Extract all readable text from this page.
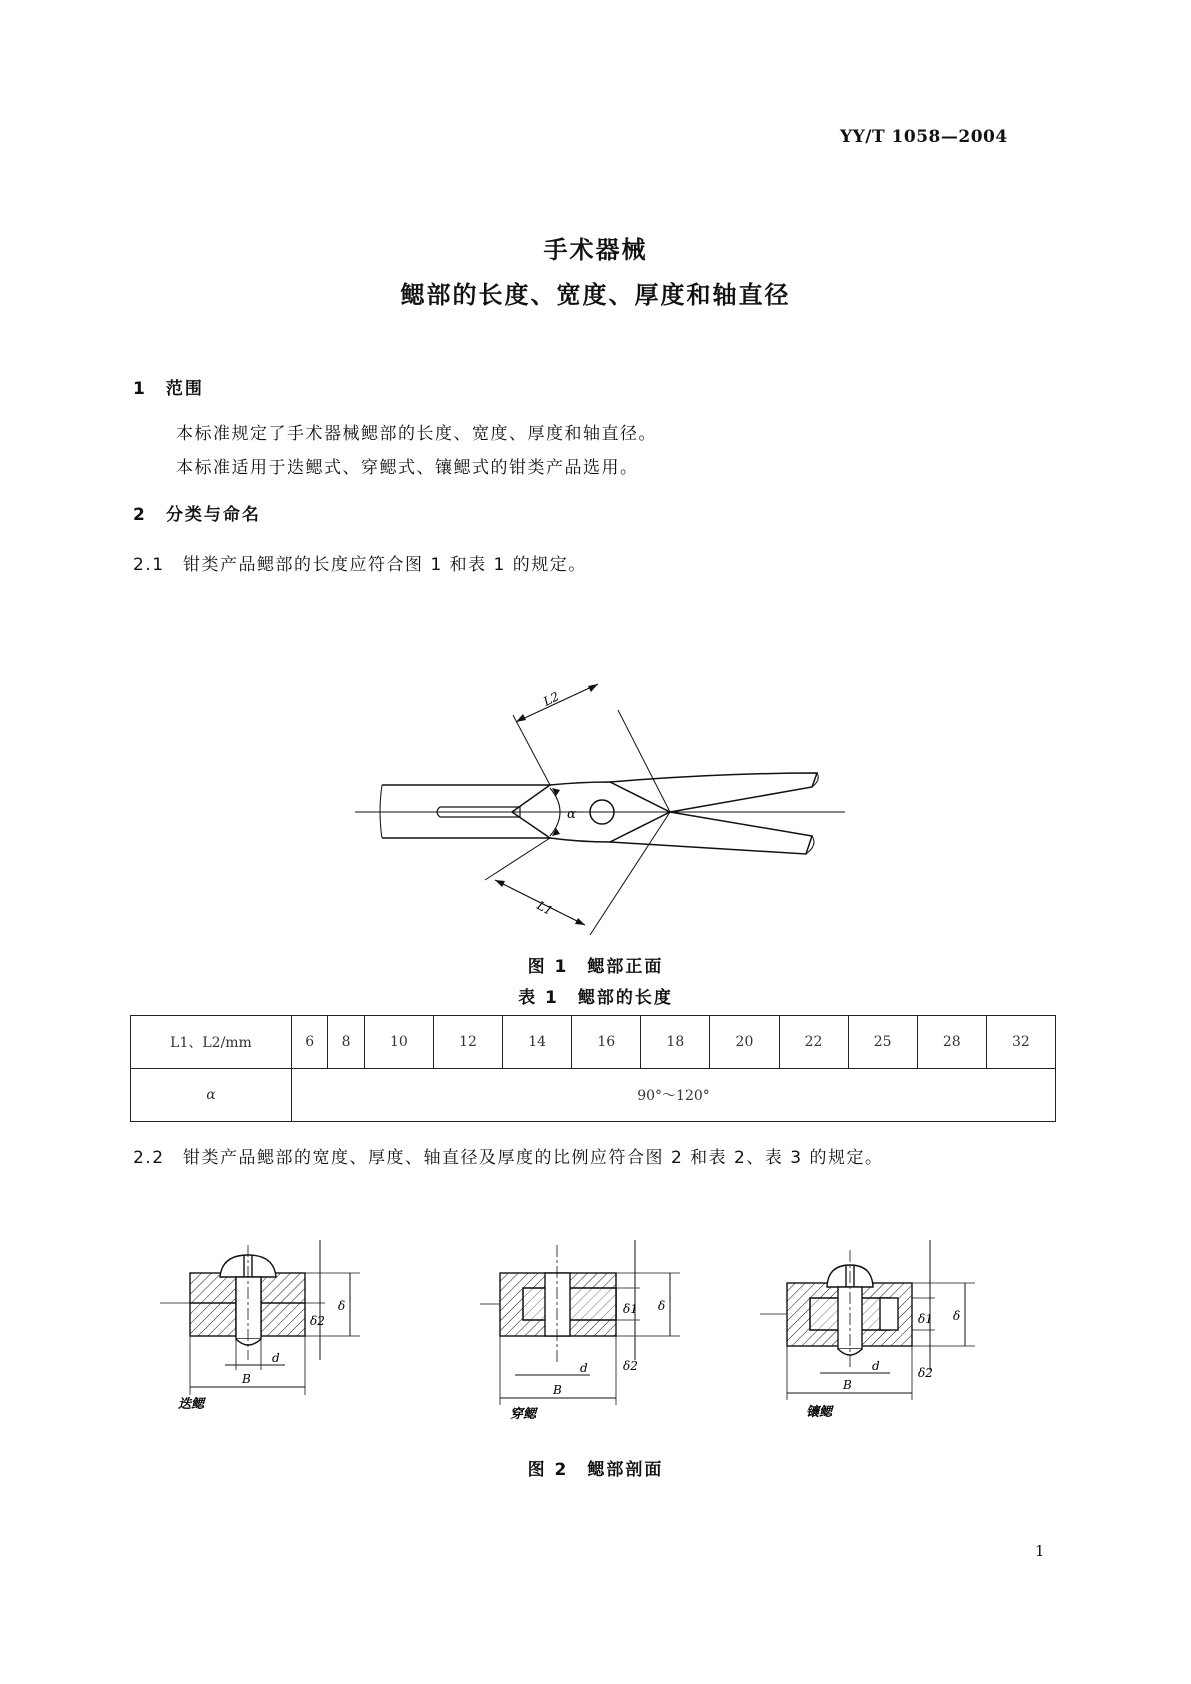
YY/T 1058—2004
手术器械
鳃部的长度、宽度、厚度和轴直径
1　范围
本标准规定了手术器械鳃部的长度、宽度、厚度和轴直径。
本标准适用于迭鳃式、穿鳃式、镶鳃式的钳类产品选用。
2　分类与命名
2.1　钳类产品鳃部的长度应符合图 1 和表 1 的规定。
L2
L1
α
图 1　鳃部正面
表 1　鳃部的长度
L1、L2/mm	6	8	10	12	14	16	18	20	22	25	28	32
α	90°～120°											
2.2　钳类产品鳃部的宽度、厚度、轴直径及厚度的比例应符合图 2 和表 2、表 3 的规定。
迭鳃
B
d
δ
δ2
穿鳃
B
d
δ
δ1
δ2
镶鳃
B
d
δ
δ1
δ2
图 2　鳃部剖面
1
